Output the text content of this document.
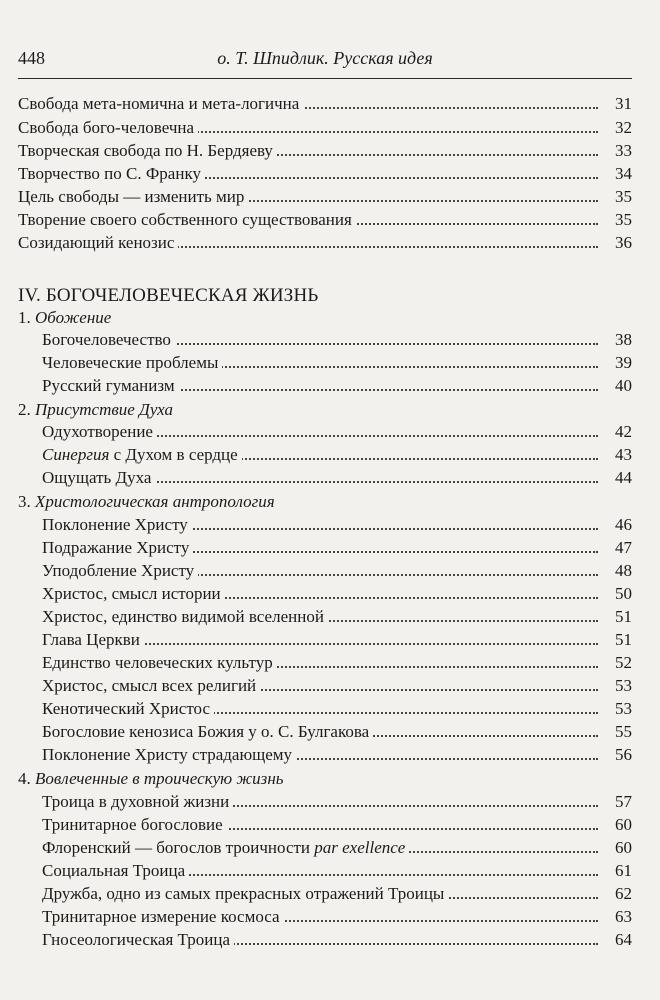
448	о. Т. Шпидлик. Русская идея
Свобода мета-номична и мета-логична	31
Свобода бого-человечна	32
Творческая свобода по Н. Бердяеву	33
Творчество по С. Франку	34
Цель свободы — изменить мир	35
Творение своего собственного существования	35
Созидающий кенозис	36
IV. БОГОЧЕЛОВЕЧЕСКАЯ ЖИЗНЬ
1. Обожение
Богочеловечество	38
Человеческие проблемы	39
Русский гуманизм	40
2. Присутствие Духа
Одухотворение	42
Синергия с Духом в сердце	43
Ощущать Духа	44
3. Христологическая антропология
Поклонение Христу	46
Подражание Христу	47
Уподобление Христу	48
Христос, смысл истории	50
Христос, единство видимой вселенной	51
Глава Церкви	51
Единство человеческих культур	52
Христос, смысл всех религий	53
Кенотический Христос	53
Богословие кенозиса Божия у о. С. Булгакова	55
Поклонение Христу страдающему	56
4. Вовлеченные в троическую жизнь
Троица в духовной жизни	57
Тринитарное богословие	60
Флоренский — богослов троичности par exellence	60
Социальная Троица	61
Дружба, одно из самых прекрасных отражений Троицы	62
Тринитарное измерение космоса	63
Гносеологическая Троица	64
